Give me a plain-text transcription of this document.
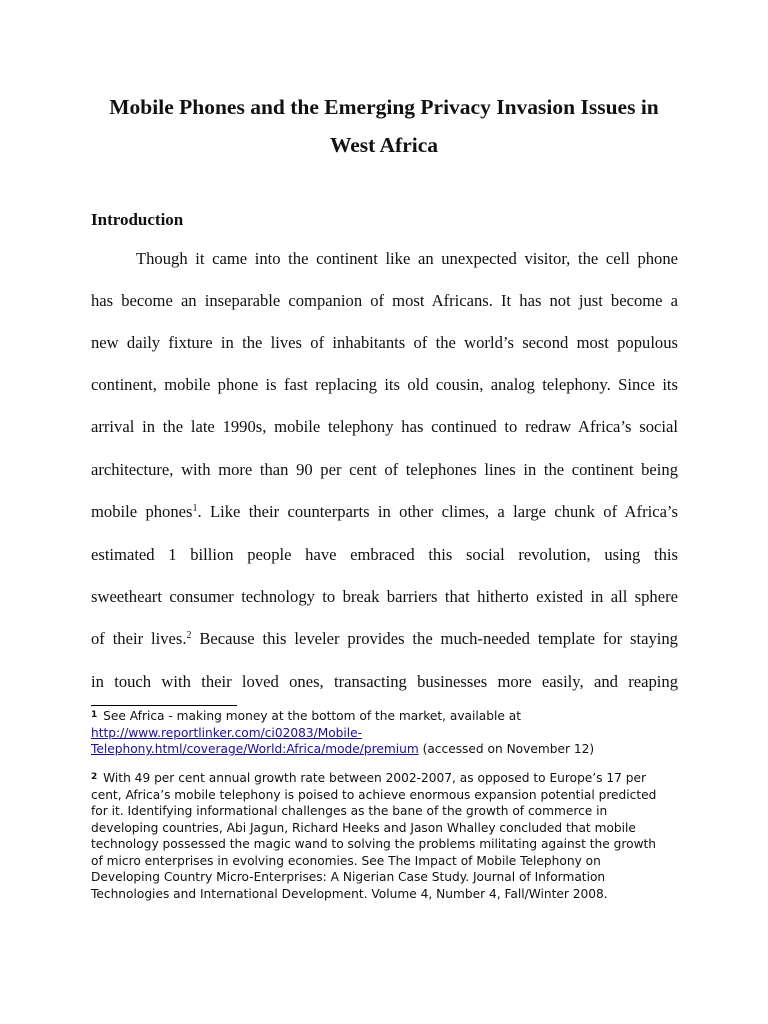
Mobile Phones and the Emerging Privacy Invasion Issues in
West Africa
Introduction
Though it came into the continent like an unexpected visitor, the cell phone
has become an inseparable companion of most Africans. It has not just become a
new daily fixture in the lives of inhabitants of the world’s second most populous
continent, mobile phone is fast replacing its old cousin, analog telephony. Since its
arrival in the late 1990s, mobile telephony has continued to redraw Africa’s social
architecture, with more than 90 per cent of telephones lines in the continent being
mobile phones$^1$. Like their counterparts in other climes, a large chunk of Africa’s
estimated 1 billion people have embraced this social revolution, using this
sweetheart consumer technology to break barriers that hitherto existed in all sphere
of their lives.$^2$ Because this leveler provides the much-needed template for staying
in touch with their loved ones, transacting businesses more easily, and reaping
$^1$ See Africa - making money at the bottom of the market, available at
http://www.reportlinker.com/ci02083/Mobile-
Telephony.html/coverage/World:Africa/mode/premium (accessed on November 12)
$^2$ With 49 per cent annual growth rate between 2002-2007, as opposed to Europe’s 17 per
cent, Africa’s mobile telephony is poised to achieve enormous expansion potential predicted
for it. Identifying informational challenges as the bane of the growth of commerce in
developing countries, Abi Jagun, Richard Heeks and Jason Whalley concluded that mobile
technology possessed the magic wand to solving the problems militating against the growth
of micro enterprises in evolving economies. See The Impact of Mobile Telephony on
Developing Country Micro-Enterprises: A Nigerian Case Study. Journal of Information
Technologies and International Development. Volume 4, Number 4, Fall/Winter 2008.
